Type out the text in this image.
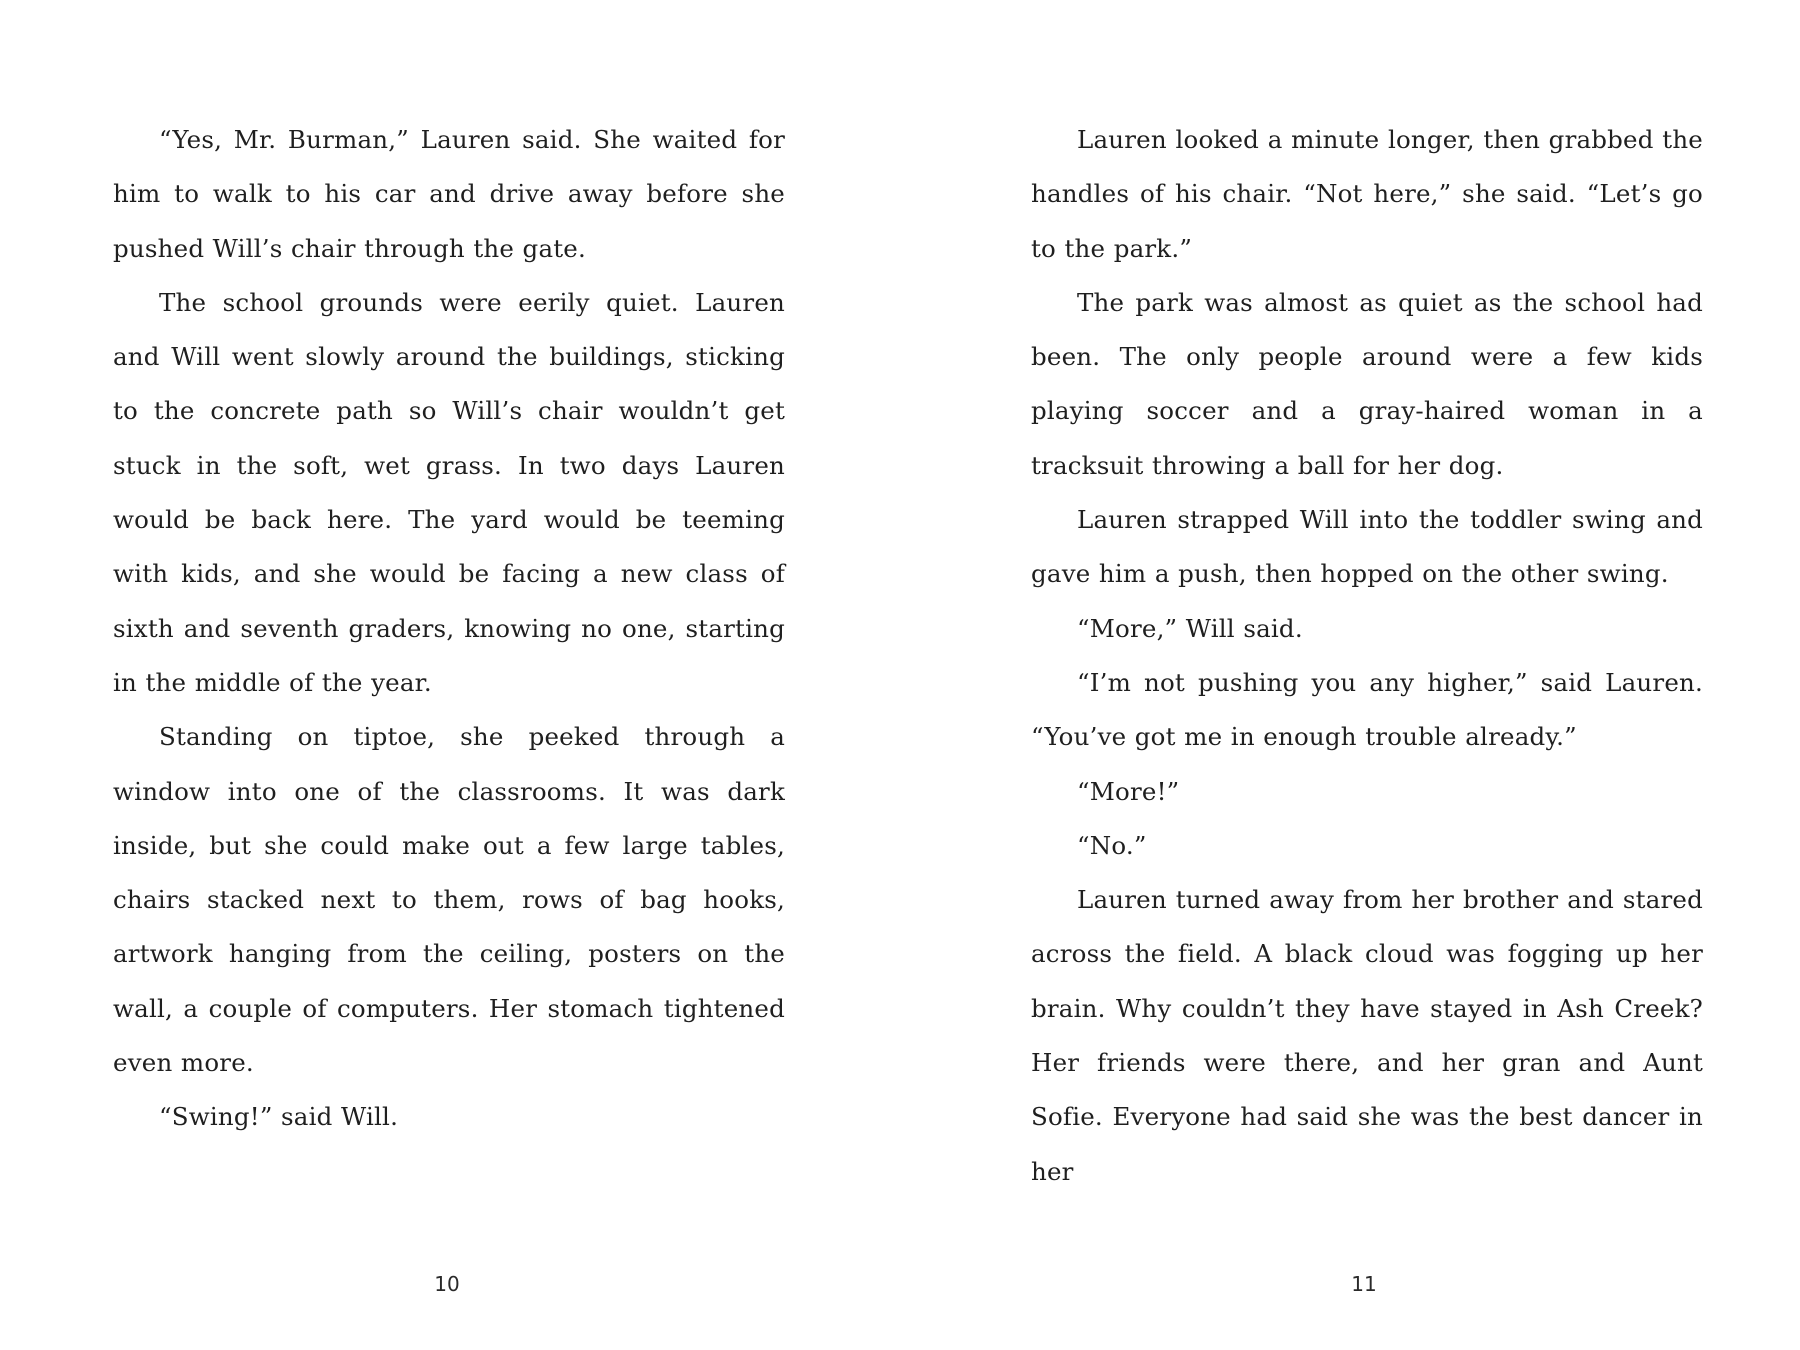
“Yes, Mr. Burman,” Lauren said. She waited for him to walk to his car and drive away before she pushed Will’s chair through the gate.

The school grounds were eerily quiet. Lauren and Will went slowly around the buildings, sticking to the concrete path so Will’s chair wouldn’t get stuck in the soft, wet grass. In two days Lauren would be back here. The yard would be teeming with kids, and she would be facing a new class of sixth and seventh graders, knowing no one, starting in the middle of the year.

Standing on tiptoe, she peeked through a window into one of the classrooms. It was dark inside, but she could make out a few large tables, chairs stacked next to them, rows of bag hooks, artwork hanging from the ceiling, posters on the wall, a couple of computers. Her stomach tightened even more.

“Swing!” said Will.

Lauren looked a minute longer, then grabbed the handles of his chair. “Not here,” she said. “Let’s go to the park.”

The park was almost as quiet as the school had been. The only people around were a few kids playing soccer and a gray-haired woman in a tracksuit throwing a ball for her dog.

Lauren strapped Will into the toddler swing and gave him a push, then hopped on the other swing.

“More,” Will said.

“I’m not pushing you any higher,” said Lauren. “You’ve got me in enough trouble already.”

“More!”

“No.”

Lauren turned away from her brother and stared across the field. A black cloud was fogging up her brain. Why couldn’t they have stayed in Ash Creek? Her friends were there, and her gran and Aunt Sofie. Everyone had said she was the best dancer in her

10	11
